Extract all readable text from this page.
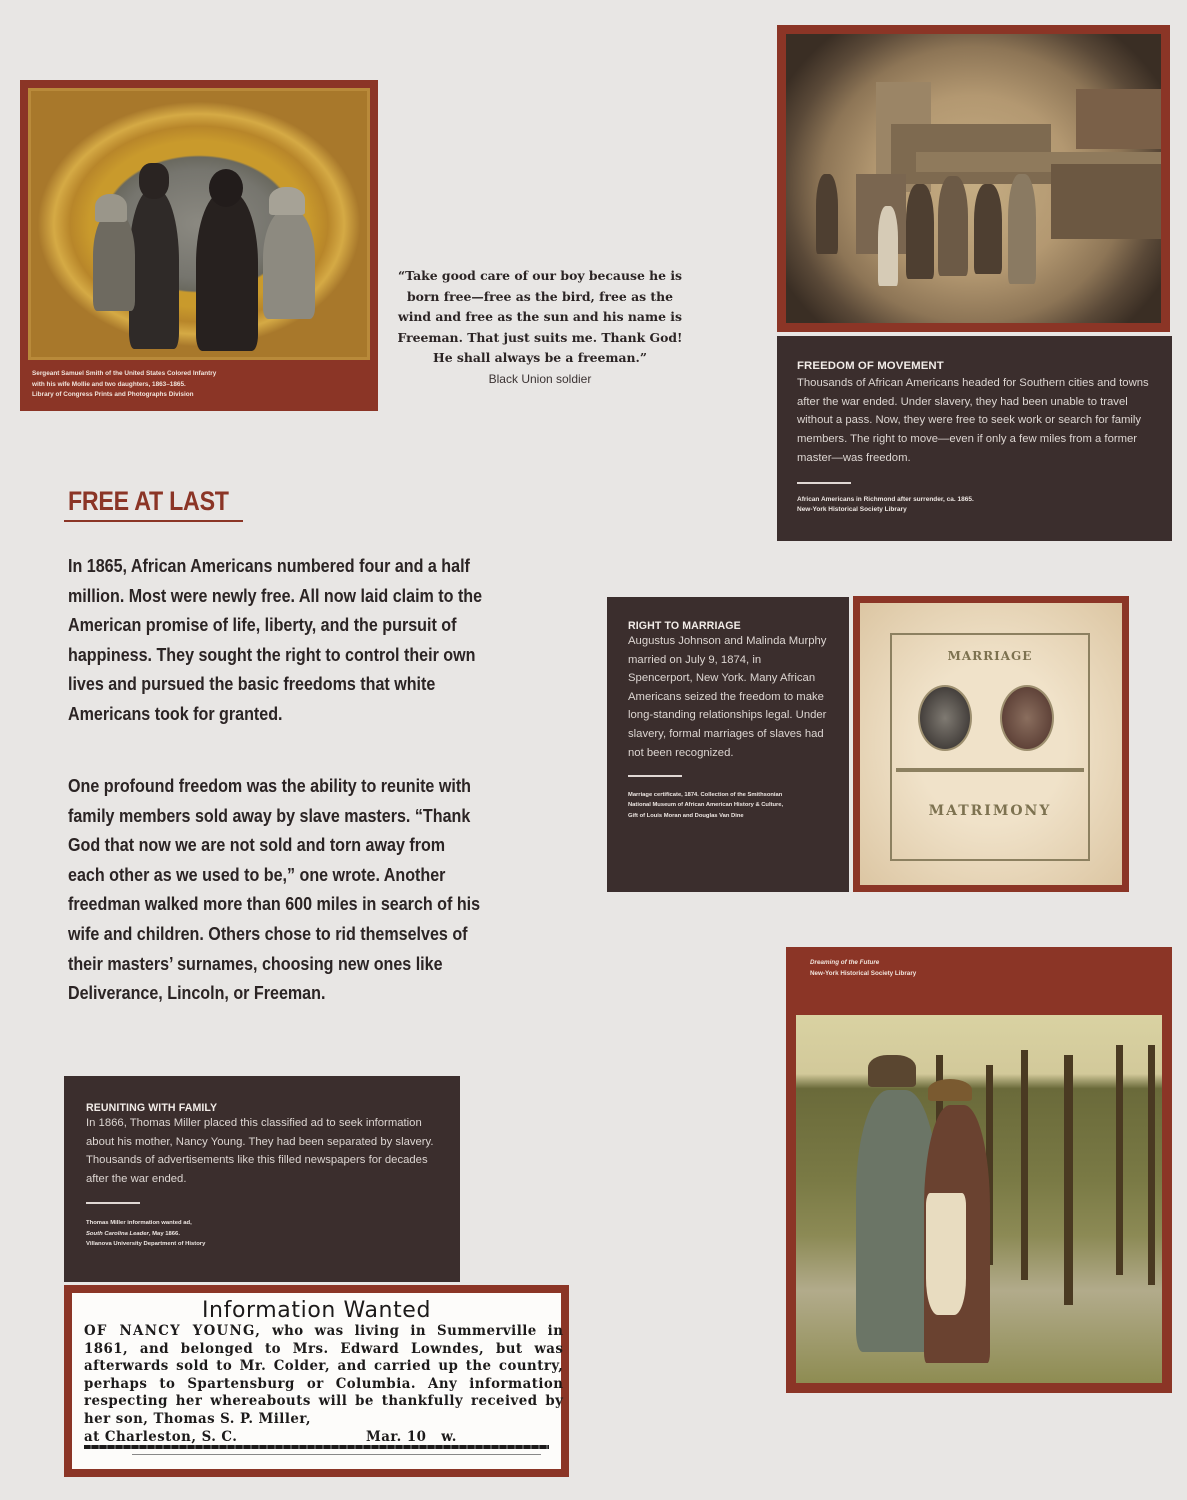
Sergeant Samuel Smith of the United States Colored Infantry
with his wife Mollie and two daughters, 1863–1865.
Library of Congress Prints and Photographs Division
“Take good care of our boy because he is born free—free as the bird, free as the wind and free as the sun and his name is Freeman. That just suits me. Thank God! He shall always be a freeman.”
Black Union soldier
FREEDOM OF MOVEMENT
Thousands of African Americans headed for Southern cities and towns after the war ended. Under slavery, they had been unable to travel without a pass. Now, they were free to seek work or search for family members. The right to move—even if only a few miles from a former master—was freedom.
African Americans in Richmond after surrender, ca. 1865.
New-York Historical Society Library
FREE AT LAST
In 1865, African Americans numbered four and a half million. Most were newly free. All now laid claim to the American promise of life, liberty, and the pursuit of happiness. They sought the right to control their own lives and pursued the basic freedoms that white Americans took for granted.
One profound freedom was the ability to reunite with family members sold away by slave masters. “Thank God that now we are not sold and torn away from each other as we used to be,” one wrote. Another freedman walked more than 600 miles in search of his wife and children. Others chose to rid themselves of their masters’ surnames, choosing new ones like Deliverance, Lincoln, or Freeman.
RIGHT TO MARRIAGE
Augustus Johnson and Malinda Murphy married on July 9, 1874, in Spencerport, New York. Many African Americans seized the freedom to make long-standing relationships legal. Under slavery, formal marriages of slaves had not been recognized.
Marriage certificate, 1874. Collection of the Smithsonian
National Museum of African American History & Culture,
Gift of Louis Moran and Douglas Van Dine
MARRIAGE
MATRIMONY
Dreaming of the Future
New-York Historical Society Library
REUNITING WITH FAMILY
In 1866, Thomas Miller placed this classified ad to seek information about his mother, Nancy Young. They had been separated by slavery. Thousands of advertisements like this filled newspapers for decades after the war ended.
Thomas Miller information wanted ad,
South Carolina Leader, May 1866.
Villanova University Department of History
Information Wanted
OF NANCY YOUNG, who was living in Summerville in 1861, and belonged to Mrs. Edward Lowndes, but was afterwards sold to Mr. Colder, and carried up the country, perhaps to Spartensburg or Columbia. Any information respecting her whereabouts will be thankfully received by her son, Thomas S. P. Miller,
at Charleston, S. C.	Mar. 10	w.
